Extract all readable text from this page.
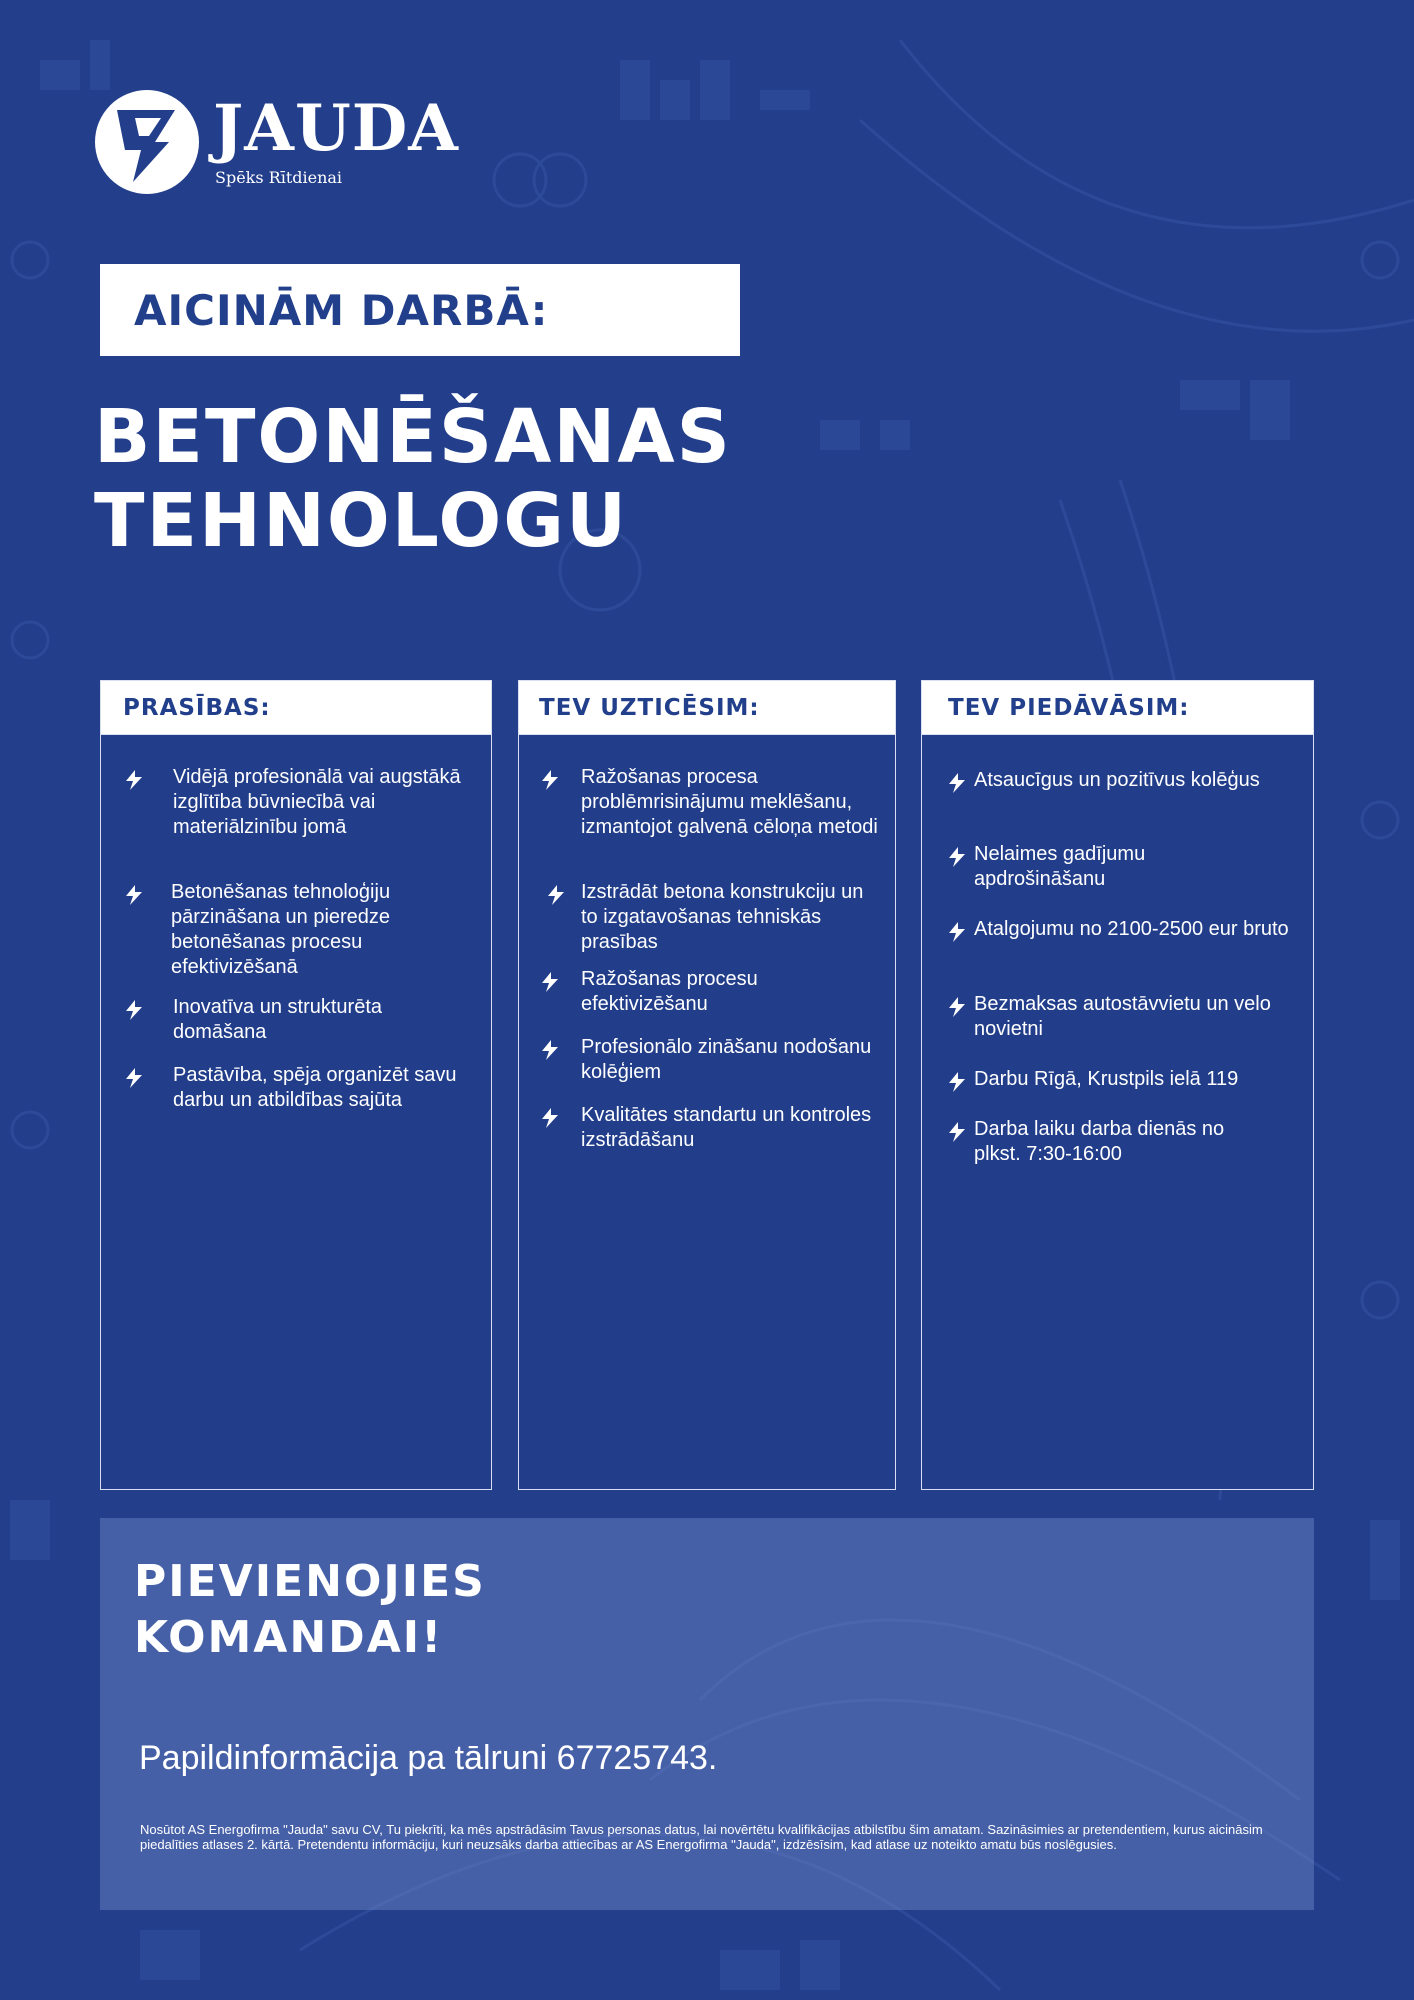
JAUDA
Spēks Rītdienai
AICINĀM DARBĀ:
BETONĒŠANAS
TEHNOLOGU
PRASĪBAS:
Vidējā profesionālā vai augstākā izglītība būvniecībā vai materiālzinību jomā
Betonēšanas tehnoloģiju pārzināšana un pieredze betonēšanas procesu efektivizēšanā
Inovatīva un strukturēta domāšana
Pastāvība, spēja organizēt savu darbu un atbildības sajūta
TEV UZTICĒSIM:
Ražošanas procesa problēmrisinājumu meklēšanu, izmantojot galvenā cēloņa metodi
Izstrādāt betona konstrukciju un to izgatavošanas tehniskās prasības
Ražošanas procesu efektivizēšanu
Profesionālo zināšanu nodošanu kolēģiem
Kvalitātes standartu un kontroles izstrādāšanu
TEV PIEDĀVĀSIM:
Atsaucīgus un pozitīvus kolēģus
Nelaimes gadījumu apdrošināšanu
Atalgojumu no 2100-2500 eur bruto
Bezmaksas autostāvvietu un velo novietni
Darbu Rīgā, Krustpils ielā 119
Darba laiku darba dienās no plkst. 7:30-16:00
PIEVIENOJIES
KOMANDAI!
Papildinformācija pa tālruni 67725743.
Nosūtot AS Energofirma "Jauda" savu CV, Tu piekrīti, ka mēs apstrādāsim Tavus personas datus, lai novērtētu kvalifikācijas atbilstību šim amatam. Sazināsimies ar pretendentiem, kurus aicināsim piedalīties atlases 2. kārtā. Pretendentu informāciju, kuri neuzsāks darba attiecības ar AS Energofirma "Jauda", izdzēsīsim, kad atlase uz noteikto amatu būs noslēgusies.
